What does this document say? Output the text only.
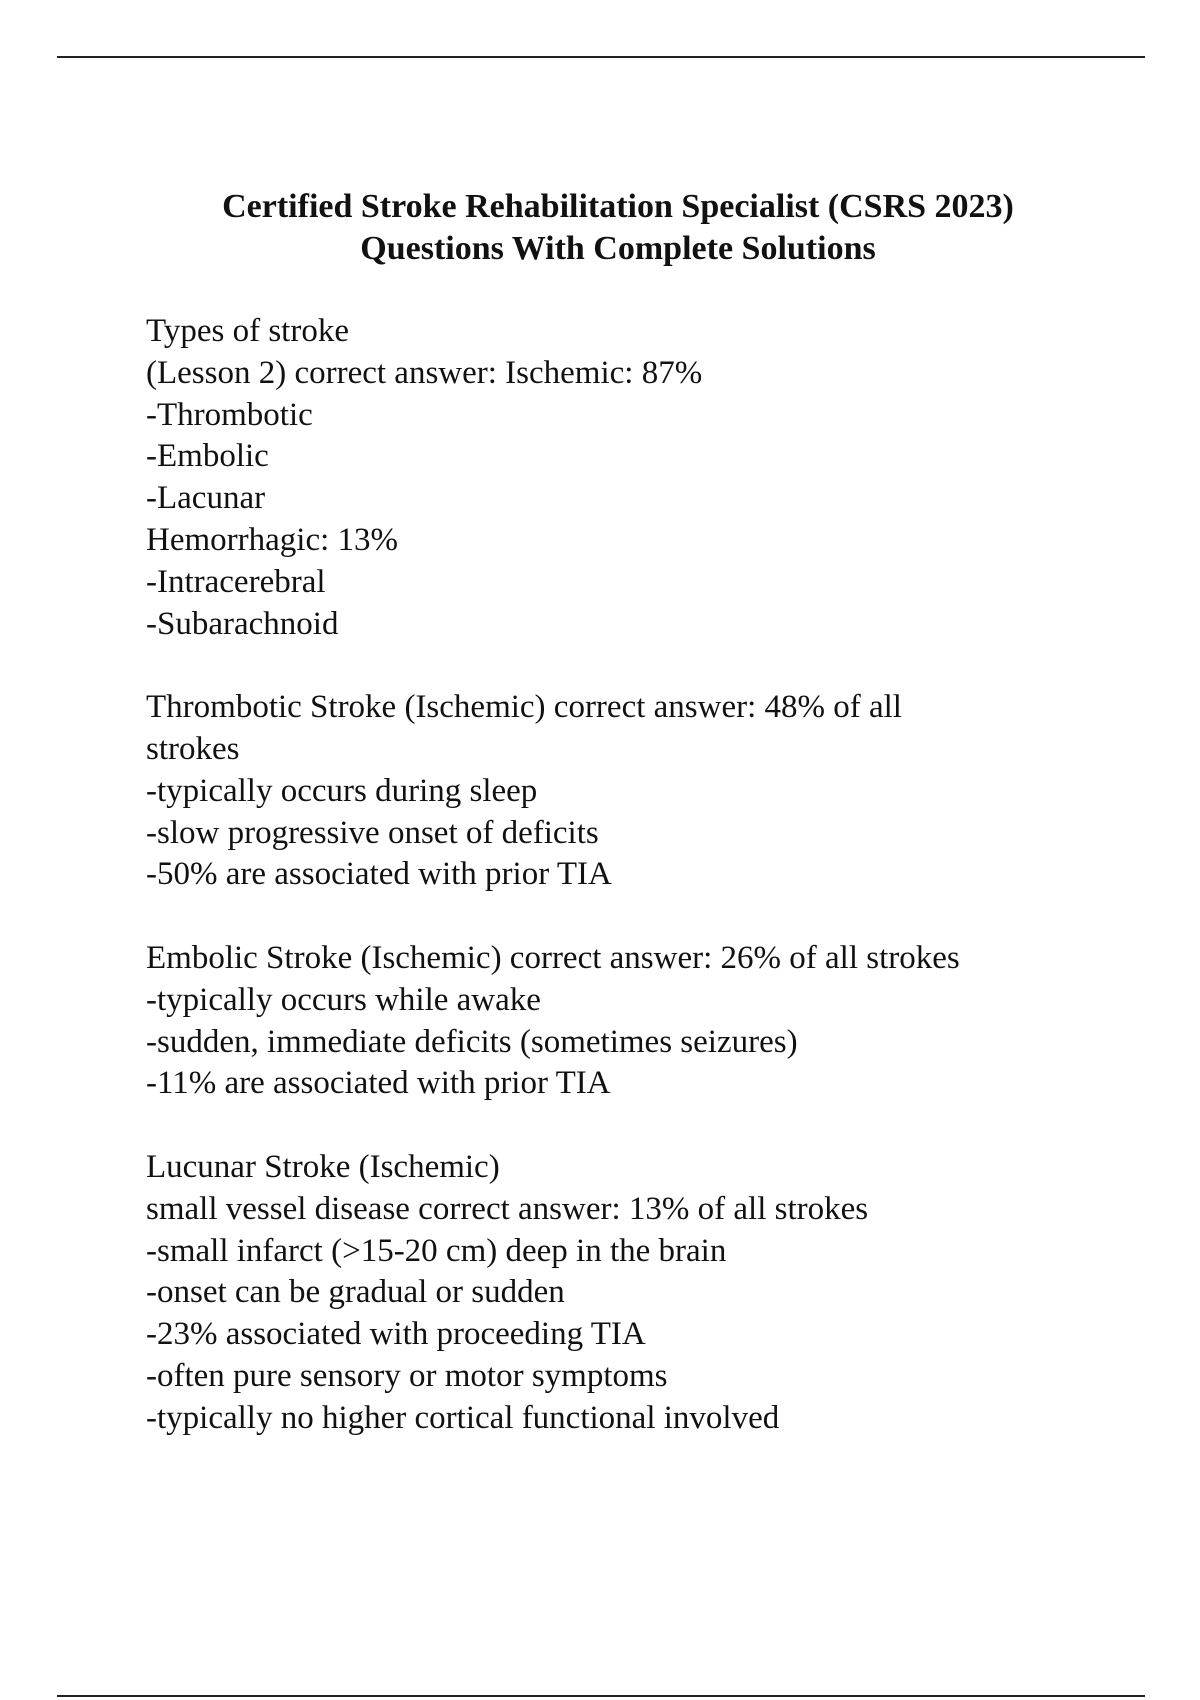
Certified Stroke Rehabilitation Specialist (CSRS 2023)
Questions With Complete Solutions
Types of stroke
(Lesson 2) correct answer: Ischemic: 87%
-Thrombotic
-Embolic
-Lacunar
Hemorrhagic: 13%
-Intracerebral
-Subarachnoid
Thrombotic Stroke (Ischemic) correct answer: 48% of all
strokes
-typically occurs during sleep
-slow progressive onset of deficits
-50% are associated with prior TIA
Embolic Stroke (Ischemic) correct answer: 26% of all strokes
-typically occurs while awake
-sudden, immediate deficits (sometimes seizures)
-11% are associated with prior TIA
Lucunar Stroke (Ischemic)
small vessel disease correct answer: 13% of all strokes
-small infarct (>15-20 cm) deep in the brain
-onset can be gradual or sudden
-23% associated with proceeding TIA
-often pure sensory or motor symptoms
-typically no higher cortical functional involved
